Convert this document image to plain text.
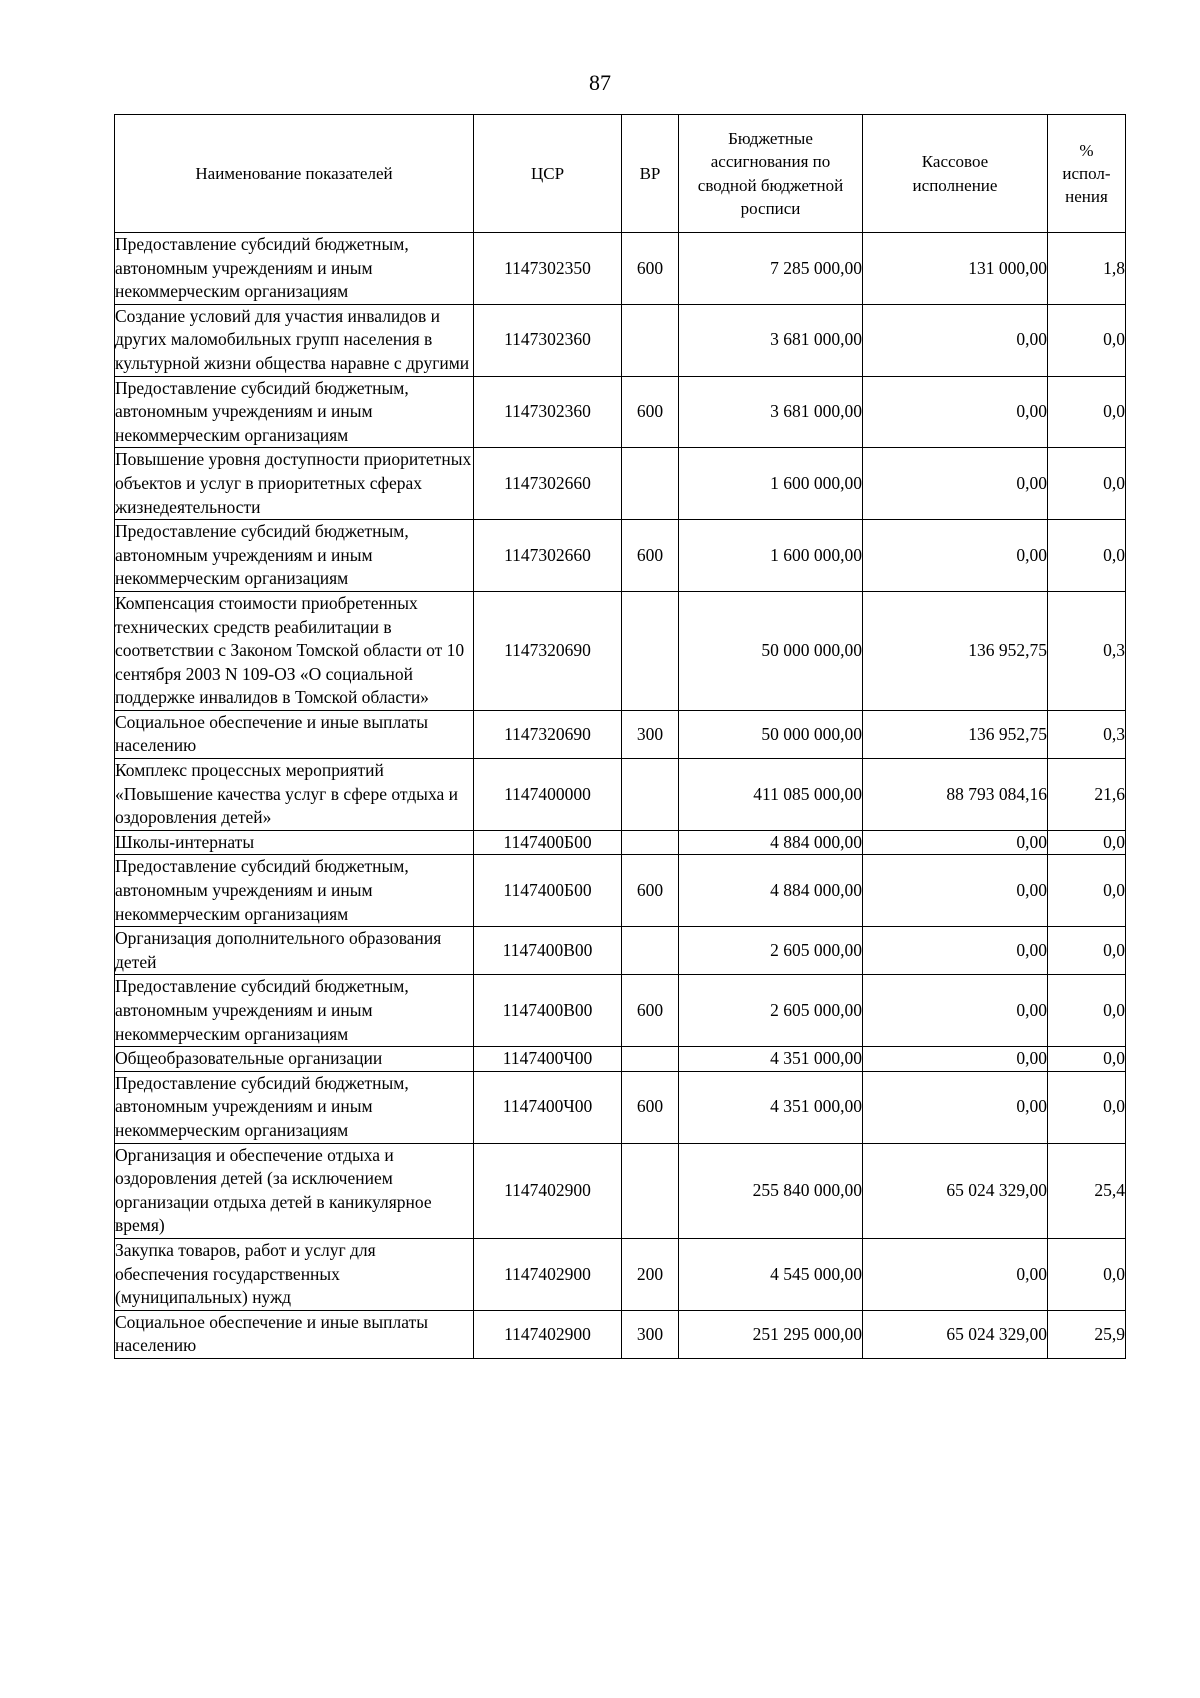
87
Наименование показателей	ЦСР	ВР	Бюджетные ассигнования по сводной бюджетной росписи	Кассовое исполнение	% испол-нения
Предоставление субсидий бюджетным, автономным учреждениям и иным некоммерческим организациям	1147302350	600	7 285 000,00	131 000,00	1,8
Создание условий для участия инвалидов и других маломобильных групп населения в культурной жизни общества наравне с другими	1147302360		3 681 000,00	0,00	0,0
Предоставление субсидий бюджетным, автономным учреждениям и иным некоммерческим организациям	1147302360	600	3 681 000,00	0,00	0,0
Повышение уровня доступности приоритетных объектов и услуг в приоритетных сферах жизнедеятельности	1147302660		1 600 000,00	0,00	0,0
Предоставление субсидий бюджетным, автономным учреждениям и иным некоммерческим организациям	1147302660	600	1 600 000,00	0,00	0,0
Компенсация стоимости приобретенных технических средств реабилитации в соответствии с Законом Томской области от 10 сентября 2003 N 109-ОЗ «О социальной поддержке инвалидов в Томской области»	1147320690		50 000 000,00	136 952,75	0,3
Социальное обеспечение и иные выплаты населению	1147320690	300	50 000 000,00	136 952,75	0,3
Комплекс процессных мероприятий «Повышение качества услуг в сфере отдыха и оздоровления детей»	1147400000		411 085 000,00	88 793 084,16	21,6
Школы-интернаты	1147400Б00		4 884 000,00	0,00	0,0
Предоставление субсидий бюджетным, автономным учреждениям и иным некоммерческим организациям	1147400Б00	600	4 884 000,00	0,00	0,0
Организация дополнительного образования детей	1147400В00		2 605 000,00	0,00	0,0
Предоставление субсидий бюджетным, автономным учреждениям и иным некоммерческим организациям	1147400В00	600	2 605 000,00	0,00	0,0
Общеобразовательные организации	1147400Ч00		4 351 000,00	0,00	0,0
Предоставление субсидий бюджетным, автономным учреждениям и иным некоммерческим организациям	1147400Ч00	600	4 351 000,00	0,00	0,0
Организация и обеспечение отдыха и оздоровления детей (за исключением организации отдыха детей в каникулярное время)	1147402900		255 840 000,00	65 024 329,00	25,4
Закупка товаров, работ и услуг для обеспечения государственных (муниципальных) нужд	1147402900	200	4 545 000,00	0,00	0,0
Социальное обеспечение и иные выплаты населению	1147402900	300	251 295 000,00	65 024 329,00	25,9
